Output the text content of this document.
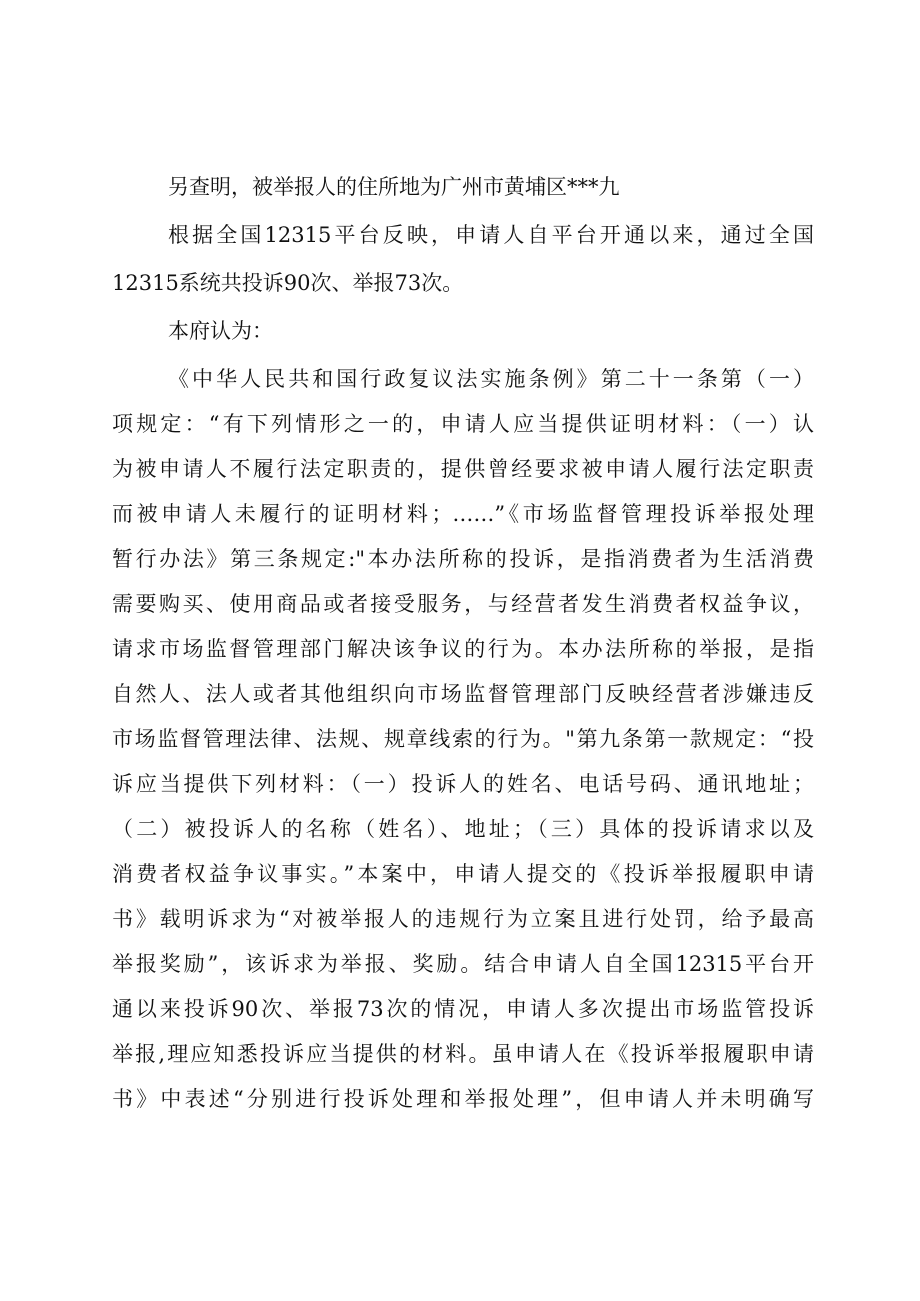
另查明，被举报人的住所地为广州市黄埔区***九
根据全国12315平台反映，申请人自平台开通以来，通过全国
12315系统共投诉90次、举报73次。
本府认为：
《中华人民共和国行政复议法实施条例》第二十一条第（一）
项规定：“有下列情形之一的，申请人应当提供证明材料：（一）认
为被申请人不履行法定职责的，提供曾经要求被申请人履行法定职责
而被申请人未履行的证明材料；……”《市场监督管理投诉举报处理
暂行办法》第三条规定:"本办法所称的投诉，是指消费者为生活消费
需要购买、使用商品或者接受服务，与经营者发生消费者权益争议，
请求市场监督管理部门解决该争议的行为。本办法所称的举报，是指
自然人、法人或者其他组织向市场监督管理部门反映经营者涉嫌违反
市场监督管理法律、法规、规章线索的行为。"第九条第一款规定：“投
诉应当提供下列材料：（一）投诉人的姓名、电话号码、通讯地址；
（二）被投诉人的名称（姓名）、地址；（三）具体的投诉请求以及
消费者权益争议事实。”本案中，申请人提交的《投诉举报履职申请
书》载明诉求为“对被举报人的违规行为立案且进行处罚，给予最高
举报奖励”，该诉求为举报、奖励。结合申请人自全国12315平台开
通以来投诉90次、举报73次的情况，申请人多次提出市场监管投诉
举报,理应知悉投诉应当提供的材料。虽申请人在《投诉举报履职申请
书》中表述“分别进行投诉处理和举报处理”，但申请人并未明确写
